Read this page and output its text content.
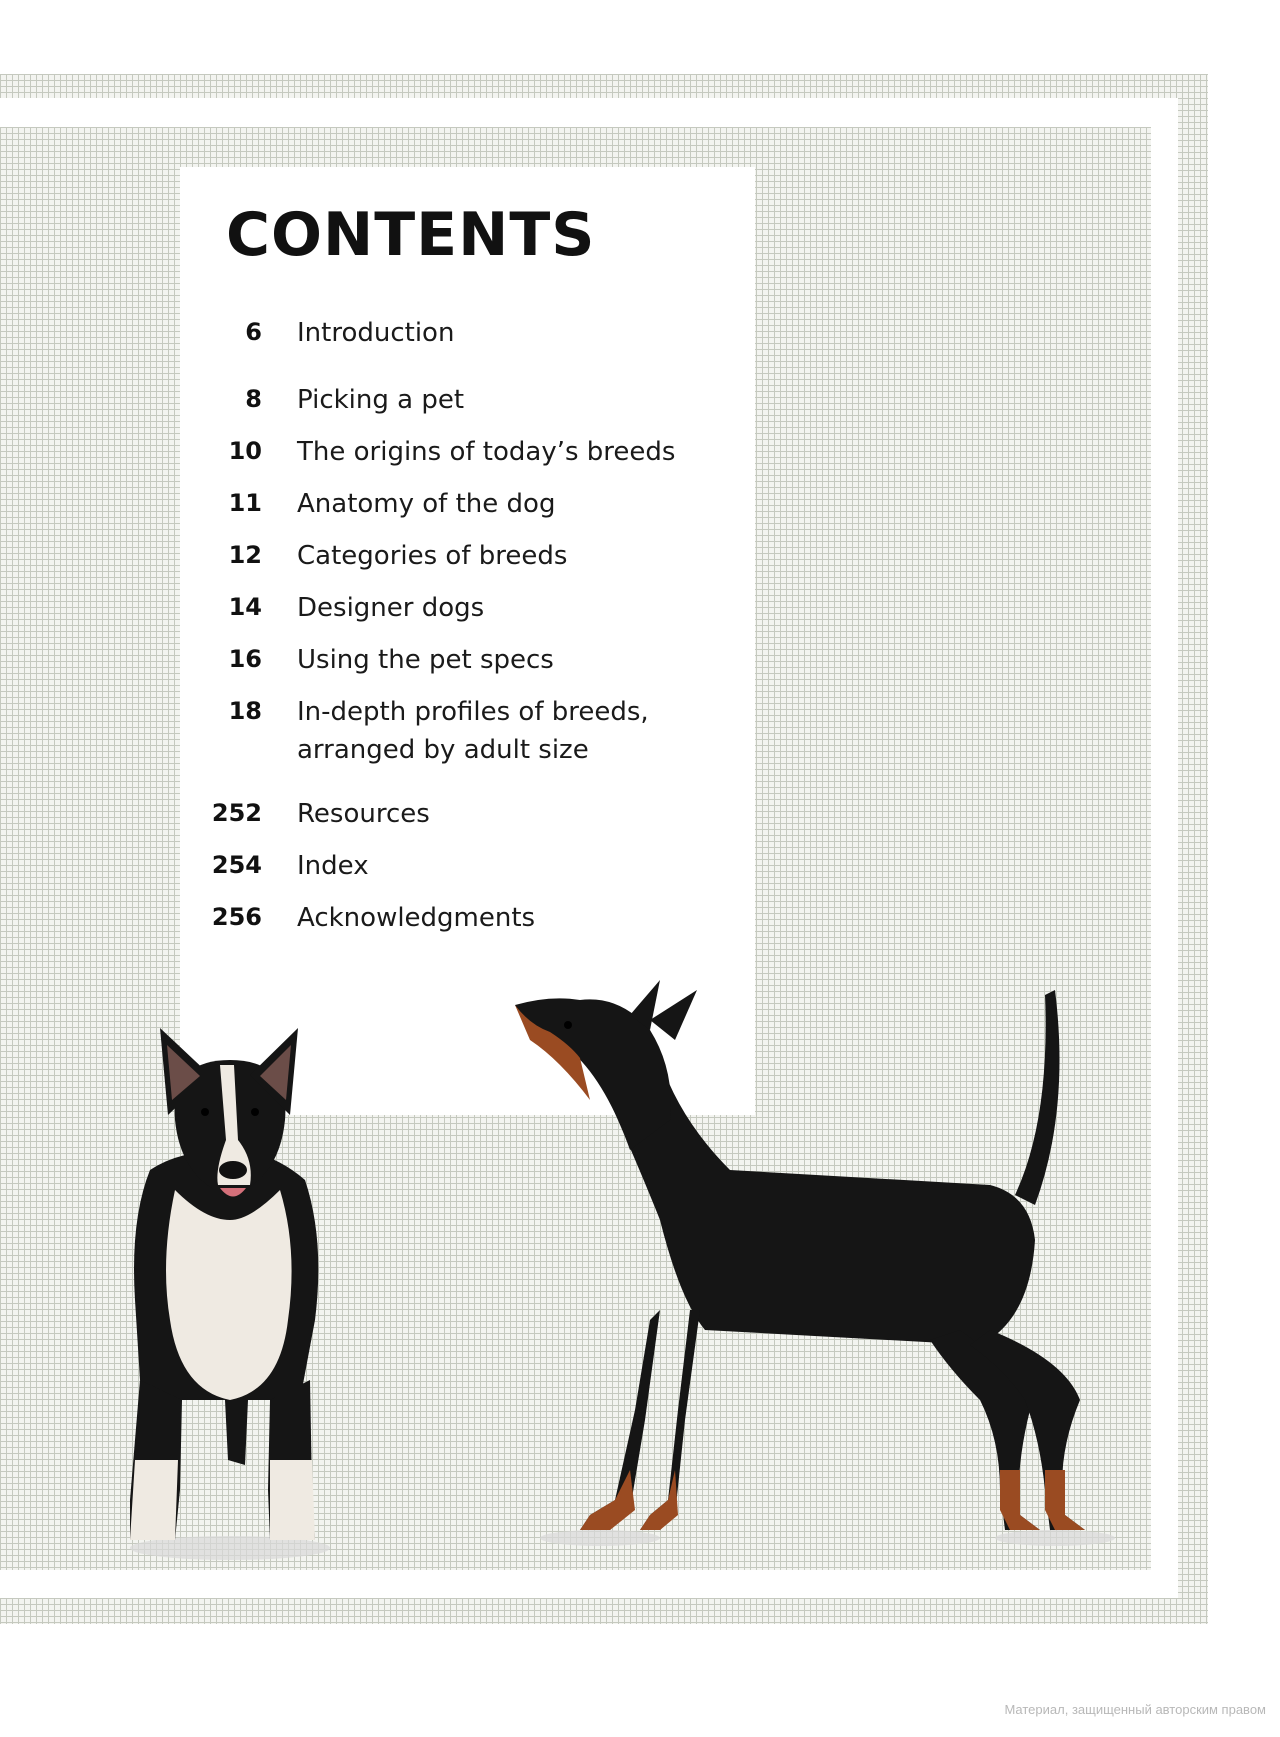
CONTENTS
6 Introduction
8 Picking a pet
10 The origins of today’s breeds
11 Anatomy of the dog
12 Categories of breeds
14 Designer dogs
16 Using the pet specs
18 In-depth profiles of breeds,
arranged by adult size
252 Resources
254 Index
256 Acknowledgments
Материал, защищенный авторским правом
